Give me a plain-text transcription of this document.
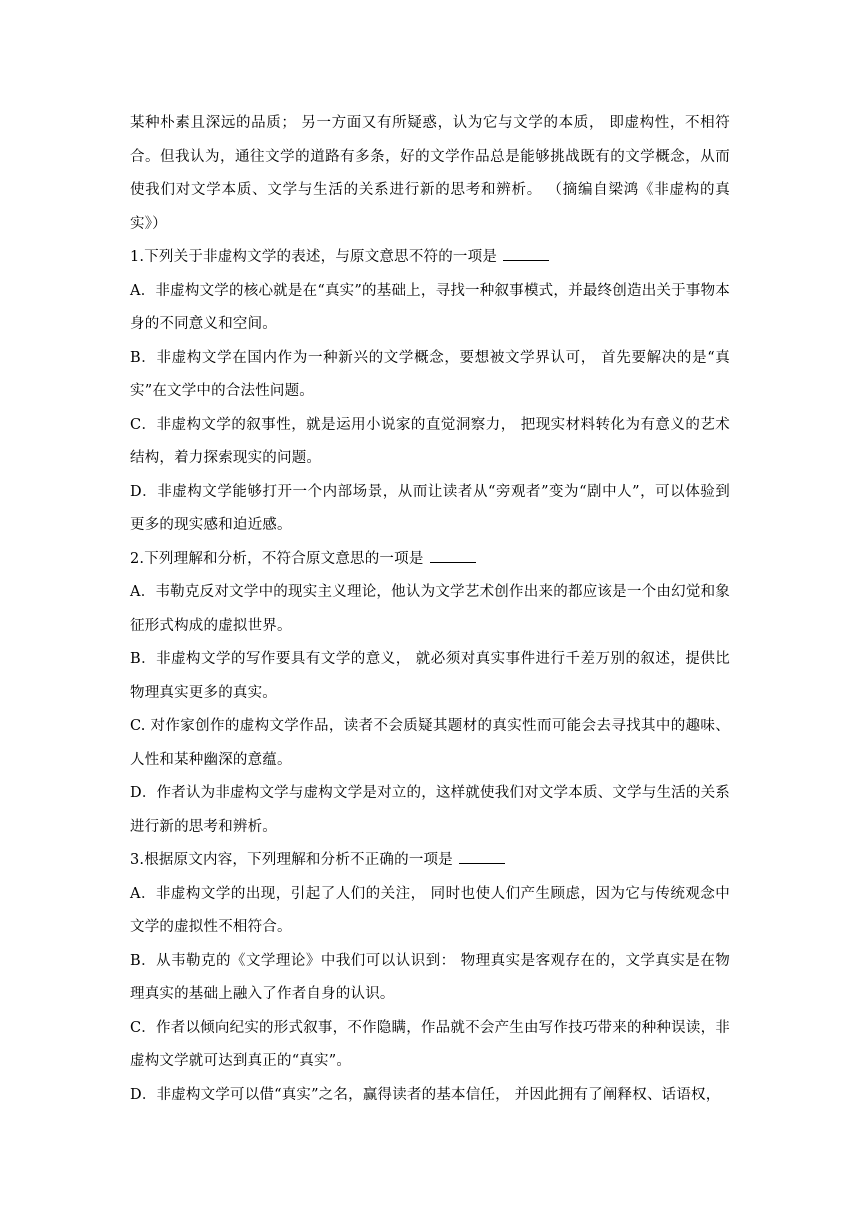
某种朴素且深远的品质； 另一方面又有所疑惑，认为它与文学的本质， 即虚构性，不相符合。但我认为，通往文学的道路有多条，好的文学作品总是能够挑战既有的文学概念，从而使我们对文学本质、文学与生活的关系进行新的思考和辨析。 （摘编自梁鸿《非虚构的真实》）

1.下列关于非虚构文学的表述，与原文意思不符的一项是

A．非虚构文学的核心就是在“真实”的基础上，寻找一种叙事模式，并最终创造出关于事物本身的不同意义和空间。

B．非虚构文学在国内作为一种新兴的文学概念，要想被文学界认可， 首先要解决的是“真实”在文学中的合法性问题。

C．非虚构文学的叙事性，就是运用小说家的直觉洞察力， 把现实材料转化为有意义的艺术结构，着力探索现实的问题。

D．非虚构文学能够打开一个内部场景，从而让读者从“旁观者”变为“剧中人”，可以体验到更多的现实感和迫近感。

2.下列理解和分析，不符合原文意思的一项是

A．韦勒克反对文学中的现实主义理论，他认为文学艺术创作出来的都应该是一个由幻觉和象征形式构成的虚拟世界。

B．非虚构文学的写作要具有文学的意义， 就必须对真实事件进行千差万别的叙述，提供比物理真实更多的真实。

C. 对作家创作的虚构文学作品，读者不会质疑其题材的真实性而可能会去寻找其中的趣味、人性和某种幽深的意蕴。

D．作者认为非虚构文学与虚构文学是对立的，这样就使我们对文学本质、文学与生活的关系进行新的思考和辨析。

3.根据原文内容，下列理解和分析不正确的一项是

A．非虚构文学的出现，引起了人们的关注， 同时也使人们产生顾虑，因为它与传统观念中文学的虚拟性不相符合。

B．从韦勒克的《文学理论》中我们可以认识到： 物理真实是客观存在的，文学真实是在物理真实的基础上融入了作者自身的认识。

C．作者以倾向纪实的形式叙事，不作隐瞒，作品就不会产生由写作技巧带来的种种误读，非虚构文学就可达到真正的“真实”。

D．非虚构文学可以借“真实”之名，赢得读者的基本信任， 并因此拥有了阐释权、话语权，
